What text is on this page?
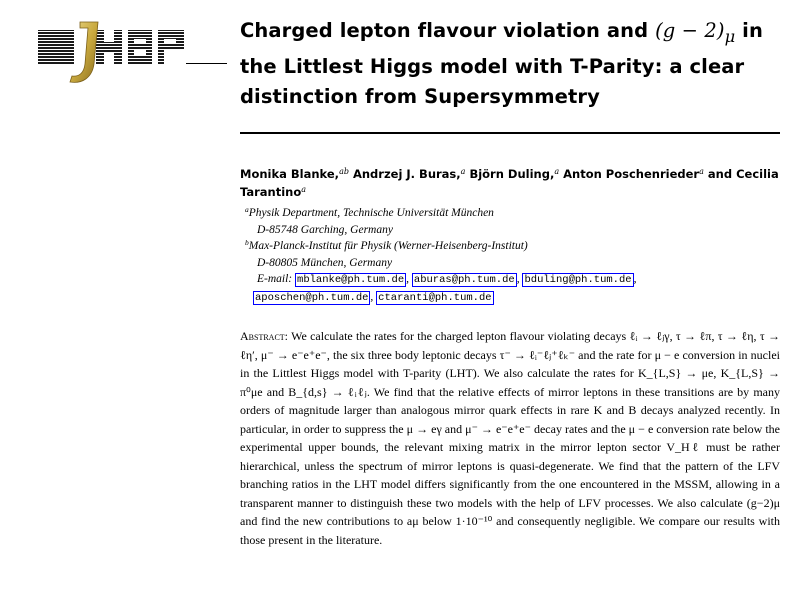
Charged lepton flavour violation and $(g - 2)_\mu$ in the Littlest Higgs model with T-Parity: a clear distinction from Supersymmetry
Monika Blanke,$^{ab}$ Andrzej J. Buras,$^a$ Björn Duling,$^a$ Anton Poschenrieder$^a$ and Cecilia Tarantino$^a$
$^a$Physik Department, Technische Universität München
D-85748 Garching, Germany
$^b$Max-Planck-Institut für Physik (Werner-Heisenberg-Institut)
D-80805 München, Germany
E-mail: mblanke@ph.tum.de , aburas@ph.tum.de , bduling@ph.tum.de ,
aposchen@ph.tum.de , ctaranti@ph.tum.de
Abstract: We calculate the rates for the charged lepton flavour violating decays ℓᵢ → ℓⱼγ, τ → ℓπ, τ → ℓη, τ → ℓη′, μ⁻ → e⁻e⁺e⁻, the six three body leptonic decays τ⁻ → ℓᵢ⁻ℓⱼ⁺ℓₖ⁻ and the rate for μ − e conversion in nuclei in the Littlest Higgs model with T-parity (LHT). We also calculate the rates for K_{L,S} → μe, K_{L,S} → π⁰μe and B_{d,s} → ℓᵢℓⱼ. We find that the relative effects of mirror leptons in these transitions are by many orders of magnitude larger than analogous mirror quark effects in rare K and B decays analyzed recently. In particular, in order to suppress the μ → eγ and μ⁻ → e⁻e⁺e⁻ decay rates and the μ − e conversion rate below the experimental upper bounds, the relevant mixing matrix in the mirror lepton sector V_Hℓ must be rather hierarchical, unless the spectrum of mirror leptons is quasi-degenerate. We find that the pattern of the LFV branching ratios in the LHT model differs significantly from the one encountered in the MSSM, allowing in a transparent manner to distinguish these two models with the help of LFV processes. We also calculate (g−2)μ and find the new contributions to aμ below 1·10⁻¹⁰ and consequently negligible. We compare our results with those present in the literature.
